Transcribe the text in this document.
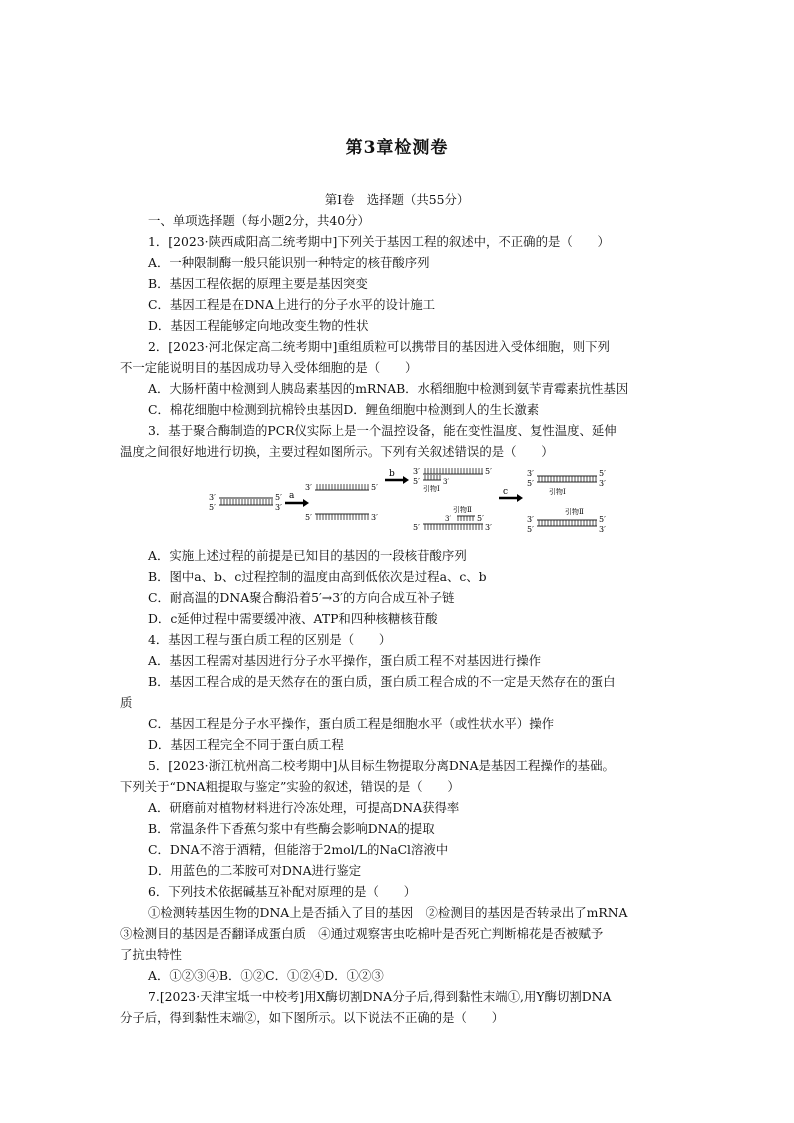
第3章检测卷
第Ⅰ卷　选择题（共55分）
一、单项选择题（每小题2分，共40分）
1．[2023·陕西咸阳高二统考期中]下列关于基因工程的叙述中，不正确的是（　　）
A．一种限制酶一般只能识别一种特定的核苷酸序列
B．基因工程依据的原理主要是基因突变
C．基因工程是在DNA上进行的分子水平的设计施工
D．基因工程能够定向地改变生物的性状
2．[2023·河北保定高二统考期中]重组质粒可以携带目的基因进入受体细胞，则下列
不一定能说明目的基因成功导入受体细胞的是（　　）
A．大肠杆菌中检测到人胰岛素基因的mRNAB．水稻细胞中检测到氨苄青霉素抗性基因
C．棉花细胞中检测到抗棉铃虫基因D．鲤鱼细胞中检测到人的生长激素
3．基于聚合酶制造的PCR仪实际上是一个温控设备，能在变性温度、复性温度、延伸
温度之间很好地进行切换，主要过程如图所示。下列有关叙述错误的是（　　）
3′
5′
5′
3′
a
3′	5′
5′	3′
b 3′	5′
5′
引物Ⅰ
3′
引物Ⅱ
3′	5′
5′	3′
c
3′	5′
5′	3′
引物Ⅰ
引物Ⅱ
3′	5′
5′	3′
A．实施上述过程的前提是已知目的基因的一段核苷酸序列
B．图中a、b、c过程控制的温度由高到低依次是过程a、c、b
C．耐高温的DNA聚合酶沿着5′→3′的方向合成互补子链
D．c延伸过程中需要缓冲液、ATP和四种核糖核苷酸
4．基因工程与蛋白质工程的区别是（　　）
A．基因工程需对基因进行分子水平操作，蛋白质工程不对基因进行操作
B．基因工程合成的是天然存在的蛋白质，蛋白质工程合成的不一定是天然存在的蛋白
质
C．基因工程是分子水平操作，蛋白质工程是细胞水平（或性状水平）操作
D．基因工程完全不同于蛋白质工程
5．[2023·浙江杭州高二校考期中]从目标生物提取分离DNA是基因工程操作的基础。
下列关于“DNA粗提取与鉴定”实验的叙述，错误的是（　　）
A．研磨前对植物材料进行冷冻处理，可提高DNA获得率
B．常温条件下香蕉匀浆中有些酶会影响DNA的提取
C．DNA不溶于酒精，但能溶于2mol/L的NaCl溶液中
D．用蓝色的二苯胺可对DNA进行鉴定
6．下列技术依据碱基互补配对原理的是（　　）
①检测转基因生物的DNA上是否插入了目的基因　②检测目的基因是否转录出了mRNA
③检测目的基因是否翻译成蛋白质　④通过观察害虫吃棉叶是否死亡判断棉花是否被赋予
了抗虫特性
A．①②③④B．①②C．①②④D．①②③
7.[2023·天津宝坻一中校考]用X酶切割DNA分子后,得到黏性末端①,用Y酶切割DNA
分子后，得到黏性末端②，如下图所示。以下说法不正确的是（　　）
